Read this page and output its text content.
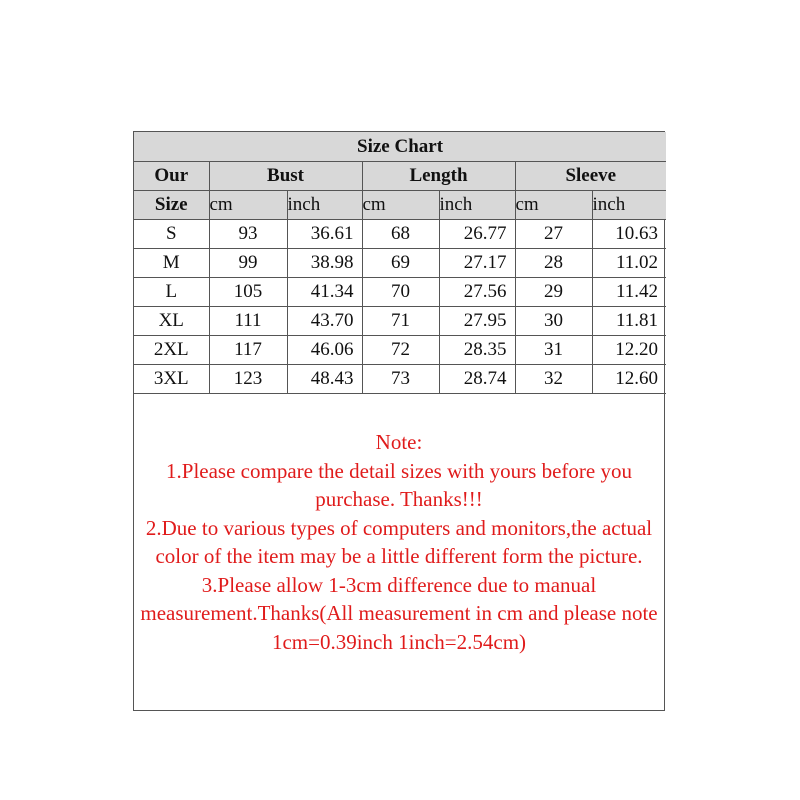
Size Chart						
Our	Bust		Length		Sleeve	
Size	cm	inch	cm	inch	cm	inch
S	93	36.61	68	26.77	27	10.63
M	99	38.98	69	27.17	28	11.02
L	105	41.34	70	27.56	29	11.42
XL	111	43.70	71	27.95	30	11.81
2XL	117	46.06	72	28.35	31	12.20
3XL	123	48.43	73	28.74	32	12.60

Note:

1.Please compare the detail sizes with yours before you purchase. Thanks!!!

2.Due to various types of computers and monitors,the actual color of the item may be a little different form the picture.

3.Please allow 1-3cm difference due to manual measurement.Thanks(All measurement in cm and please note 1cm=0.39inch 1inch=2.54cm)
